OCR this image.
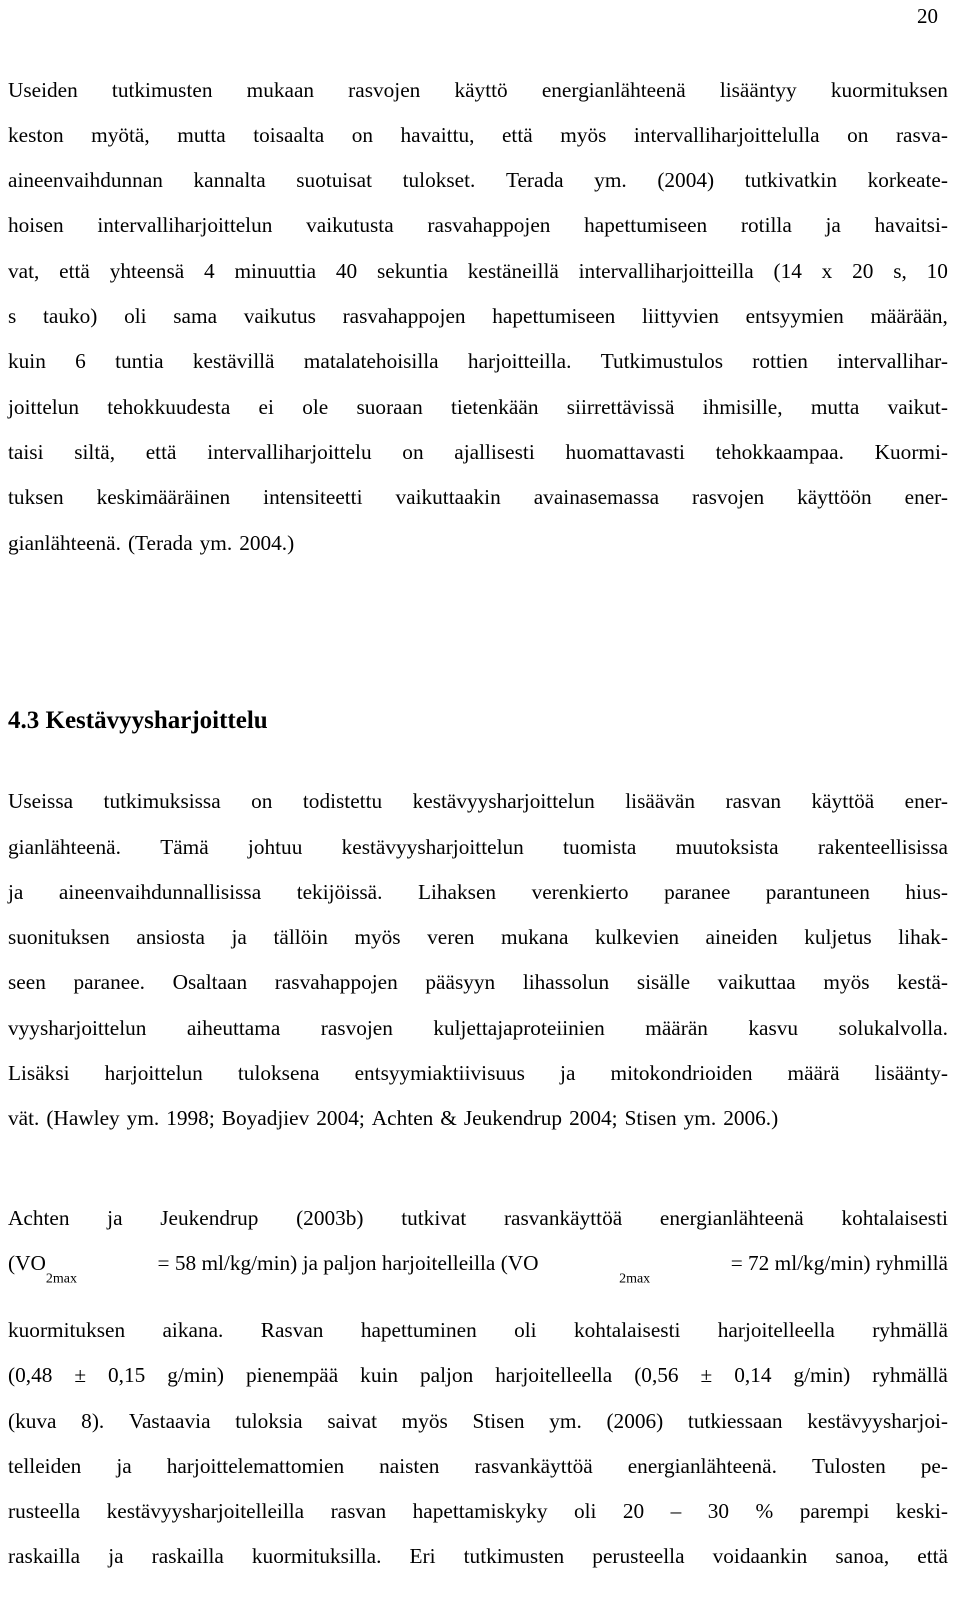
20
Useiden tutkimusten mukaan rasvojen käyttö energianlähteenä lisääntyy kuormituksen
keston myötä, mutta toisaalta on havaittu, että myös intervalliharjoittelulla on rasva-
aineenvaihdunnan kannalta suotuisat tulokset. Terada ym. (2004) tutkivatkin korkeate-
hoisen intervalliharjoittelun vaikutusta rasvahappojen hapettumiseen rotilla ja havaitsi-
vat, että yhteensä 4 minuuttia 40 sekuntia kestäneillä intervalliharjoitteilla (14 x 20 s, 10
s tauko) oli sama vaikutus rasvahappojen hapettumiseen liittyvien entsyymien määrään,
kuin 6 tuntia kestävillä matalatehoisilla harjoitteilla. Tutkimustulos rottien intervallihar-
joittelun tehokkuudesta ei ole suoraan tietenkään siirrettävissä ihmisille, mutta vaikut-
taisi siltä, että intervalliharjoittelu on ajallisesti huomattavasti tehokkaampaa. Kuormi-
tuksen keskimääräinen intensiteetti vaikuttaakin avainasemassa rasvojen käyttöön ener-
gianlähteenä. (Terada ym. 2004.)
4.3 Kestävyysharjoittelu
Useissa tutkimuksissa on todistettu kestävyysharjoittelun lisäävän rasvan käyttöä ener-
gianlähteenä. Tämä johtuu kestävyysharjoittelun tuomista muutoksista rakenteellisissa
ja aineenvaihdunnallisissa tekijöissä. Lihaksen verenkierto paranee parantuneen hius-
suonituksen ansiosta ja tällöin myös veren mukana kulkevien aineiden kuljetus lihak-
seen paranee. Osaltaan rasvahappojen pääsyyn lihassolun sisälle vaikuttaa myös kestä-
vyysharjoittelun aiheuttama rasvojen kuljettajaproteiinien määrän kasvu solukalvolla.
Lisäksi harjoittelun tuloksena entsyymiaktiivisuus ja mitokondrioiden määrä lisäänty-
vät. (Hawley ym. 1998; Boyadjiev 2004; Achten & Jeukendrup 2004; Stisen ym. 2006.)
Achten ja Jeukendrup (2003b) tutkivat rasvankäyttöä energianlähteenä kohtalaisesti
($VO_{2max}$
= 58 ml/kg/min) ja paljon harjoitelleilla (VO
$_{2max}$
= 72 ml/kg/min) ryhmillä
kuormituksen aikana. Rasvan hapettuminen oli kohtalaisesti harjoitelleella ryhmällä
(0,48 ± 0,15 g/min) pienempää kuin paljon harjoitelleella (0,56 ± 0,14 g/min) ryhmällä
(kuva 8). Vastaavia tuloksia saivat myös Stisen ym. (2006) tutkiessaan kestävyysharjoi-
telleiden ja harjoittelemattomien naisten rasvankäyttöä energianlähteenä. Tulosten pe-
rusteella kestävyysharjoitelleilla rasvan hapettamiskyky oli 20 – 30 % parempi keski-
raskailla ja raskailla kuormituksilla. Eri tutkimusten perusteella voidaankin sanoa, että
